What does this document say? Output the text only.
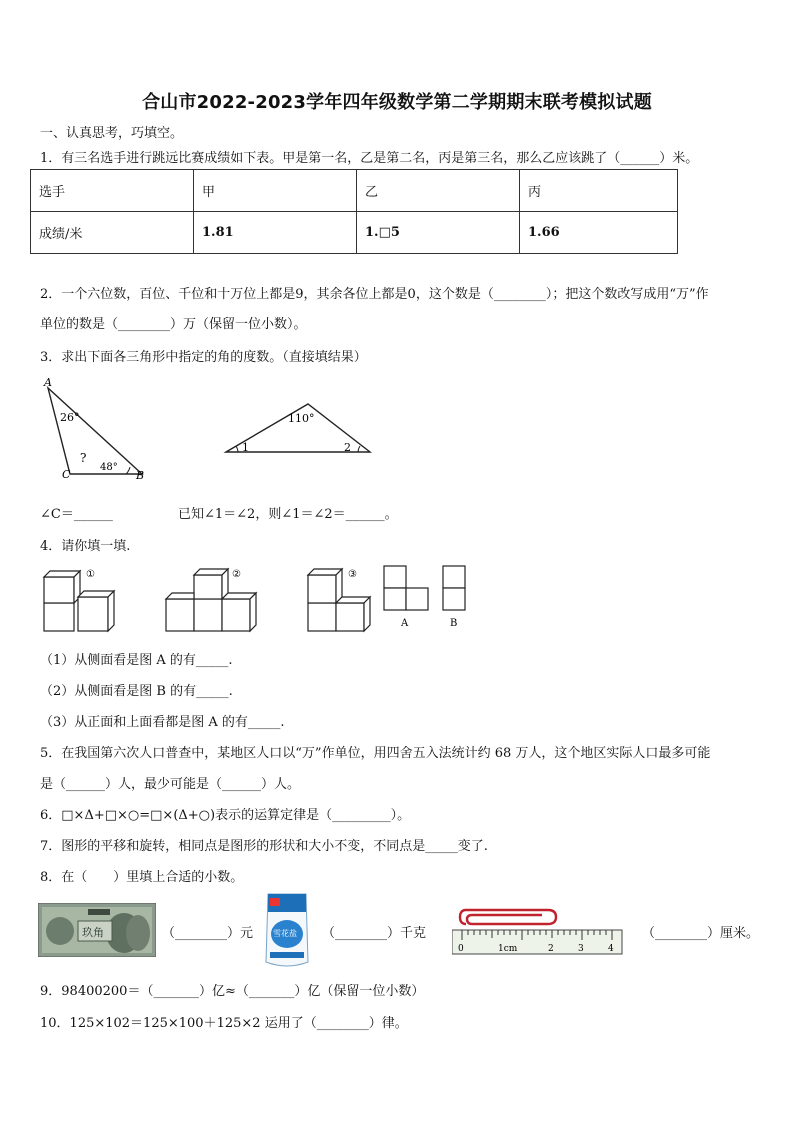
合山市2022-2023学年四年级数学第二学期期末联考模拟试题
一、认真思考，巧填空。
1．有三名选手进行跳远比赛成绩如下表。甲是第一名，乙是第二名，丙是第三名，那么乙应该跳了（______）米。
选手	甲	乙	丙
成绩/米	1.81	1.□5	1.66
2．一个六位数，百位、千位和十万位上都是9，其余各位上都是0，这个数是（________）；把这个数改写成用“万”作
单位的数是（________）万（保留一位小数）。
3．求出下面各三角形中指定的角的度数。（直接填结果）
A
26°
?
48°
C	B
110°
1	2
∠C＝______	已知∠1＝∠2，则∠1＝∠2＝______。
4．请你填一填.
①	②	③
A	B
（1）从侧面看是图 A 的有_____.
（2）从侧面看是图 B 的有_____.
（3）从正面和上面看都是图 A 的有_____.
5．在我国第六次人口普查中，某地区人口以“万”作单位，用四舍五入法统计约 68 万人，这个地区实际人口最多可能
是（______）人，最少可能是（______）人。
6．□×Δ+□×○=□×(Δ+○)表示的运算定律是（_________）。
7．图形的平移和旋转，相同点是图形的形状和大小不变，不同点是_____变了.
8．在（　　）里填上合适的小数。
玖角	（________）元 雪花盐 （________）千克
0	1cm	2	3	4
（________）厘米。
9．98400200＝（_______）亿≈（_______）亿（保留一位小数）
10．125×102＝125×100＋125×2 运用了（________）律。
